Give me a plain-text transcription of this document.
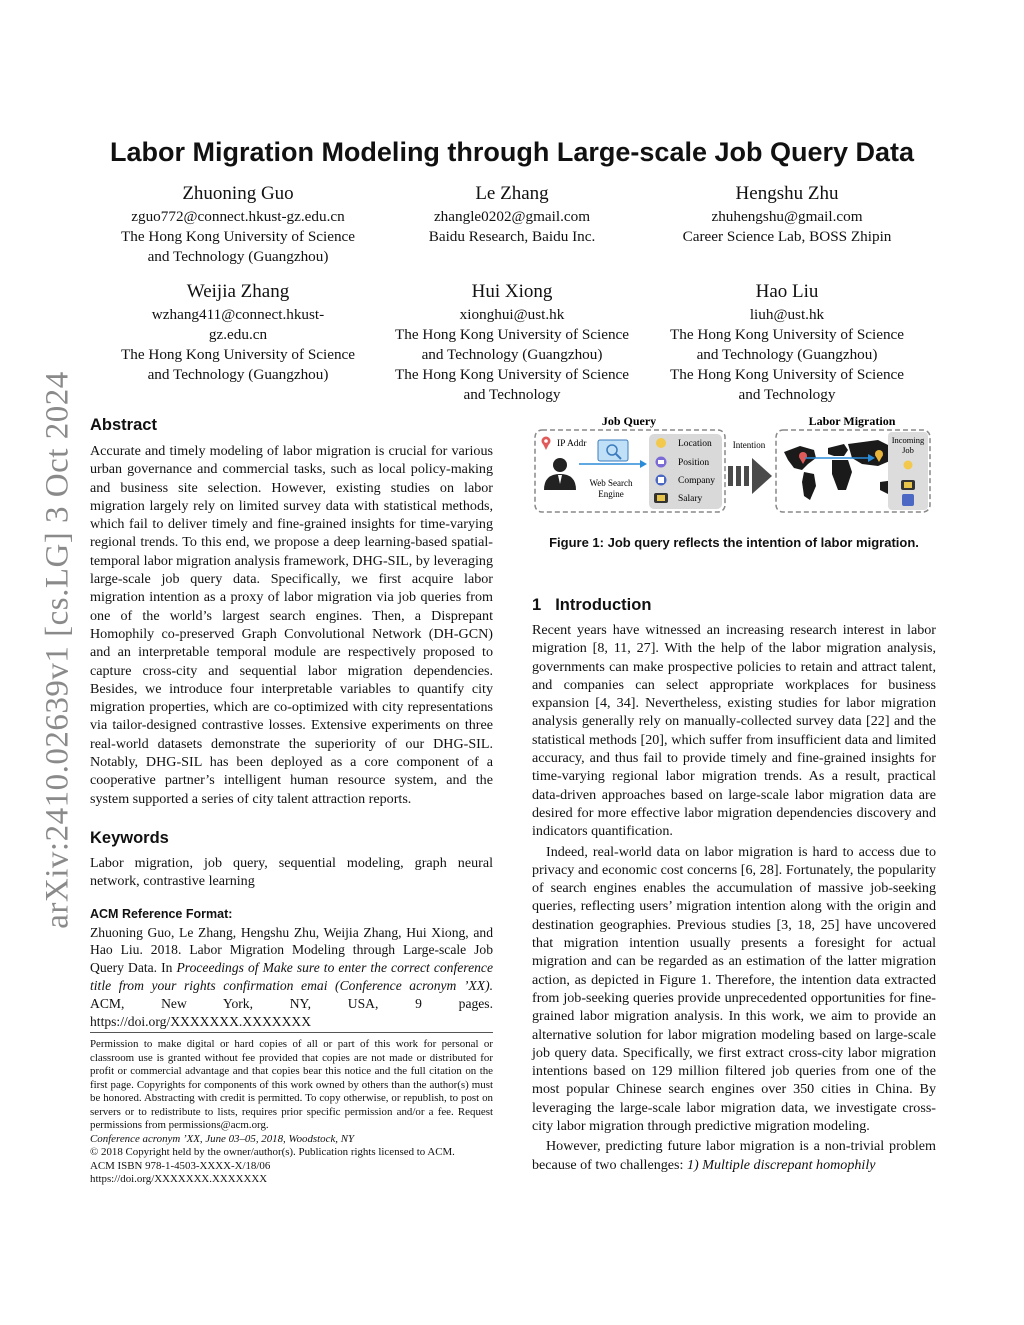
arXiv:2410.02639v1 [cs.LG] 3 Oct 2024
Labor Migration Modeling through Large-scale Job Query Data
Zhuoning Guo
zguo772@connect.hkust-gz.edu.cn
The Hong Kong University of Science
and Technology (Guangzhou)
Le Zhang
zhangle0202@gmail.com
Baidu Research, Baidu Inc.
Hengshu Zhu
zhuhengshu@gmail.com
Career Science Lab, BOSS Zhipin
Weijia Zhang
wzhang411@connect.hkust-
gz.edu.cn
The Hong Kong University of Science
and Technology (Guangzhou)
Hui Xiong
xionghui@ust.hk
The Hong Kong University of Science
and Technology (Guangzhou)
The Hong Kong University of Science
and Technology
Hao Liu
liuh@ust.hk
The Hong Kong University of Science
and Technology (Guangzhou)
The Hong Kong University of Science
and Technology
Abstract

Accurate and timely modeling of labor migration is crucial for various urban governance and commercial tasks, such as local policy-making and business site selection. However, existing studies on labor migration largely rely on limited survey data with statistical methods, which fail to deliver timely and fine-grained insights for time-varying regional trends. To this end, we propose a deep learning-based spatial-temporal labor migration analysis framework, DHG-SIL, by leveraging large-scale job query data. Specifically, we first acquire labor migration intention as a proxy of labor migration via job queries from one of the world’s largest search engines. Then, a Disprepant Homophily co-preserved Graph Convolutional Network (DH-GCN) and an interpretable temporal module are respectively proposed to capture cross-city and sequential labor migration dependencies. Besides, we introduce four interpretable variables to quantify city migration properties, which are co-optimized with city representations via tailor-designed contrastive losses. Extensive experiments on three real-world datasets demonstrate the superiority of our DHG-SIL. Notably, DHG-SIL has been deployed as a core component of a cooperative partner’s intelligent human resource system, and the system supported a series of city talent attraction reports.

Keywords

Labor migration, job query, sequential modeling, graph neural network, contrastive learning

ACM Reference Format:

Zhuoning Guo, Le Zhang, Hengshu Zhu, Weijia Zhang, Hui Xiong, and Hao Liu. 2018. Labor Migration Modeling through Large-scale Job Query Data. In Proceedings of Make sure to enter the correct conference title from your rights confirmation emai (Conference acronym ’XX). ACM, New York, NY, USA, 9 pages. https://doi.org/XXXXXXX.XXXXXXX

Permission to make digital or hard copies of all or part of this work for personal or classroom use is granted without fee provided that copies are not made or distributed for profit or commercial advantage and that copies bear this notice and the full citation on the first page. Copyrights for components of this work owned by others than the author(s) must be honored. Abstracting with credit is permitted. To copy otherwise, or republish, to post on servers or to redistribute to lists, requires prior specific permission and/or a fee. Request permissions from permissions@acm.org.

Conference acronym ’XX, June 03–05, 2018, Woodstock, NY

© 2018 Copyright held by the owner/author(s). Publication rights licensed to ACM.

ACM ISBN 978-1-4503-XXXX-X/18/06

https://doi.org/XXXXXXX.XXXXXXX

Job Query	Labor Migration
IP Addr
Web Search
Engine
Location
Position
Company
Salary
Intention	Incoming
Job
Figure 1: Job query reflects the intention of labor migration.
1 Introduction

Recent years have witnessed an increasing research interest in labor migration [8, 11, 27]. With the help of the labor migration analysis, governments can make prospective policies to retain and attract talent, and companies can select appropriate workplaces for business expansion [4, 34]. Nevertheless, existing studies for labor migration analysis generally rely on manually-collected survey data [22] and the statistical methods [20], which suffer from insufficient data and limited accuracy, and thus fail to provide timely and fine-grained insights for time-varying regional labor migration trends. As a result, practical data-driven approaches based on large-scale labor migration data are desired for more effective labor migration dependencies discovery and indicators quantification.

Indeed, real-world data on labor migration is hard to access due to privacy and economic cost concerns [6, 28]. Fortunately, the popularity of search engines enables the accumulation of massive job-seeking queries, reflecting users’ migration intention along with the origin and destination geographies. Previous studies [3, 18, 25] have uncovered that migration intention usually presents a foresight for actual migration and can be regarded as an estimation of the latter migration action, as depicted in Figure 1. Therefore, the intention data extracted from job-seeking queries provide unprecedented opportunities for fine-grained labor migration analysis. In this work, we aim to provide an alternative solution for labor migration modeling based on large-scale job query data. Specifically, we first extract cross-city labor migration intentions based on 129 million filtered job queries from one of the most popular Chinese search engines over 350 cities in China. By leveraging the large-scale labor migration data, we investigate cross-city labor migration through predictive migration modeling.

However, predicting future labor migration is a non-trivial problem because of two challenges: 1) Multiple discrepant homophily
